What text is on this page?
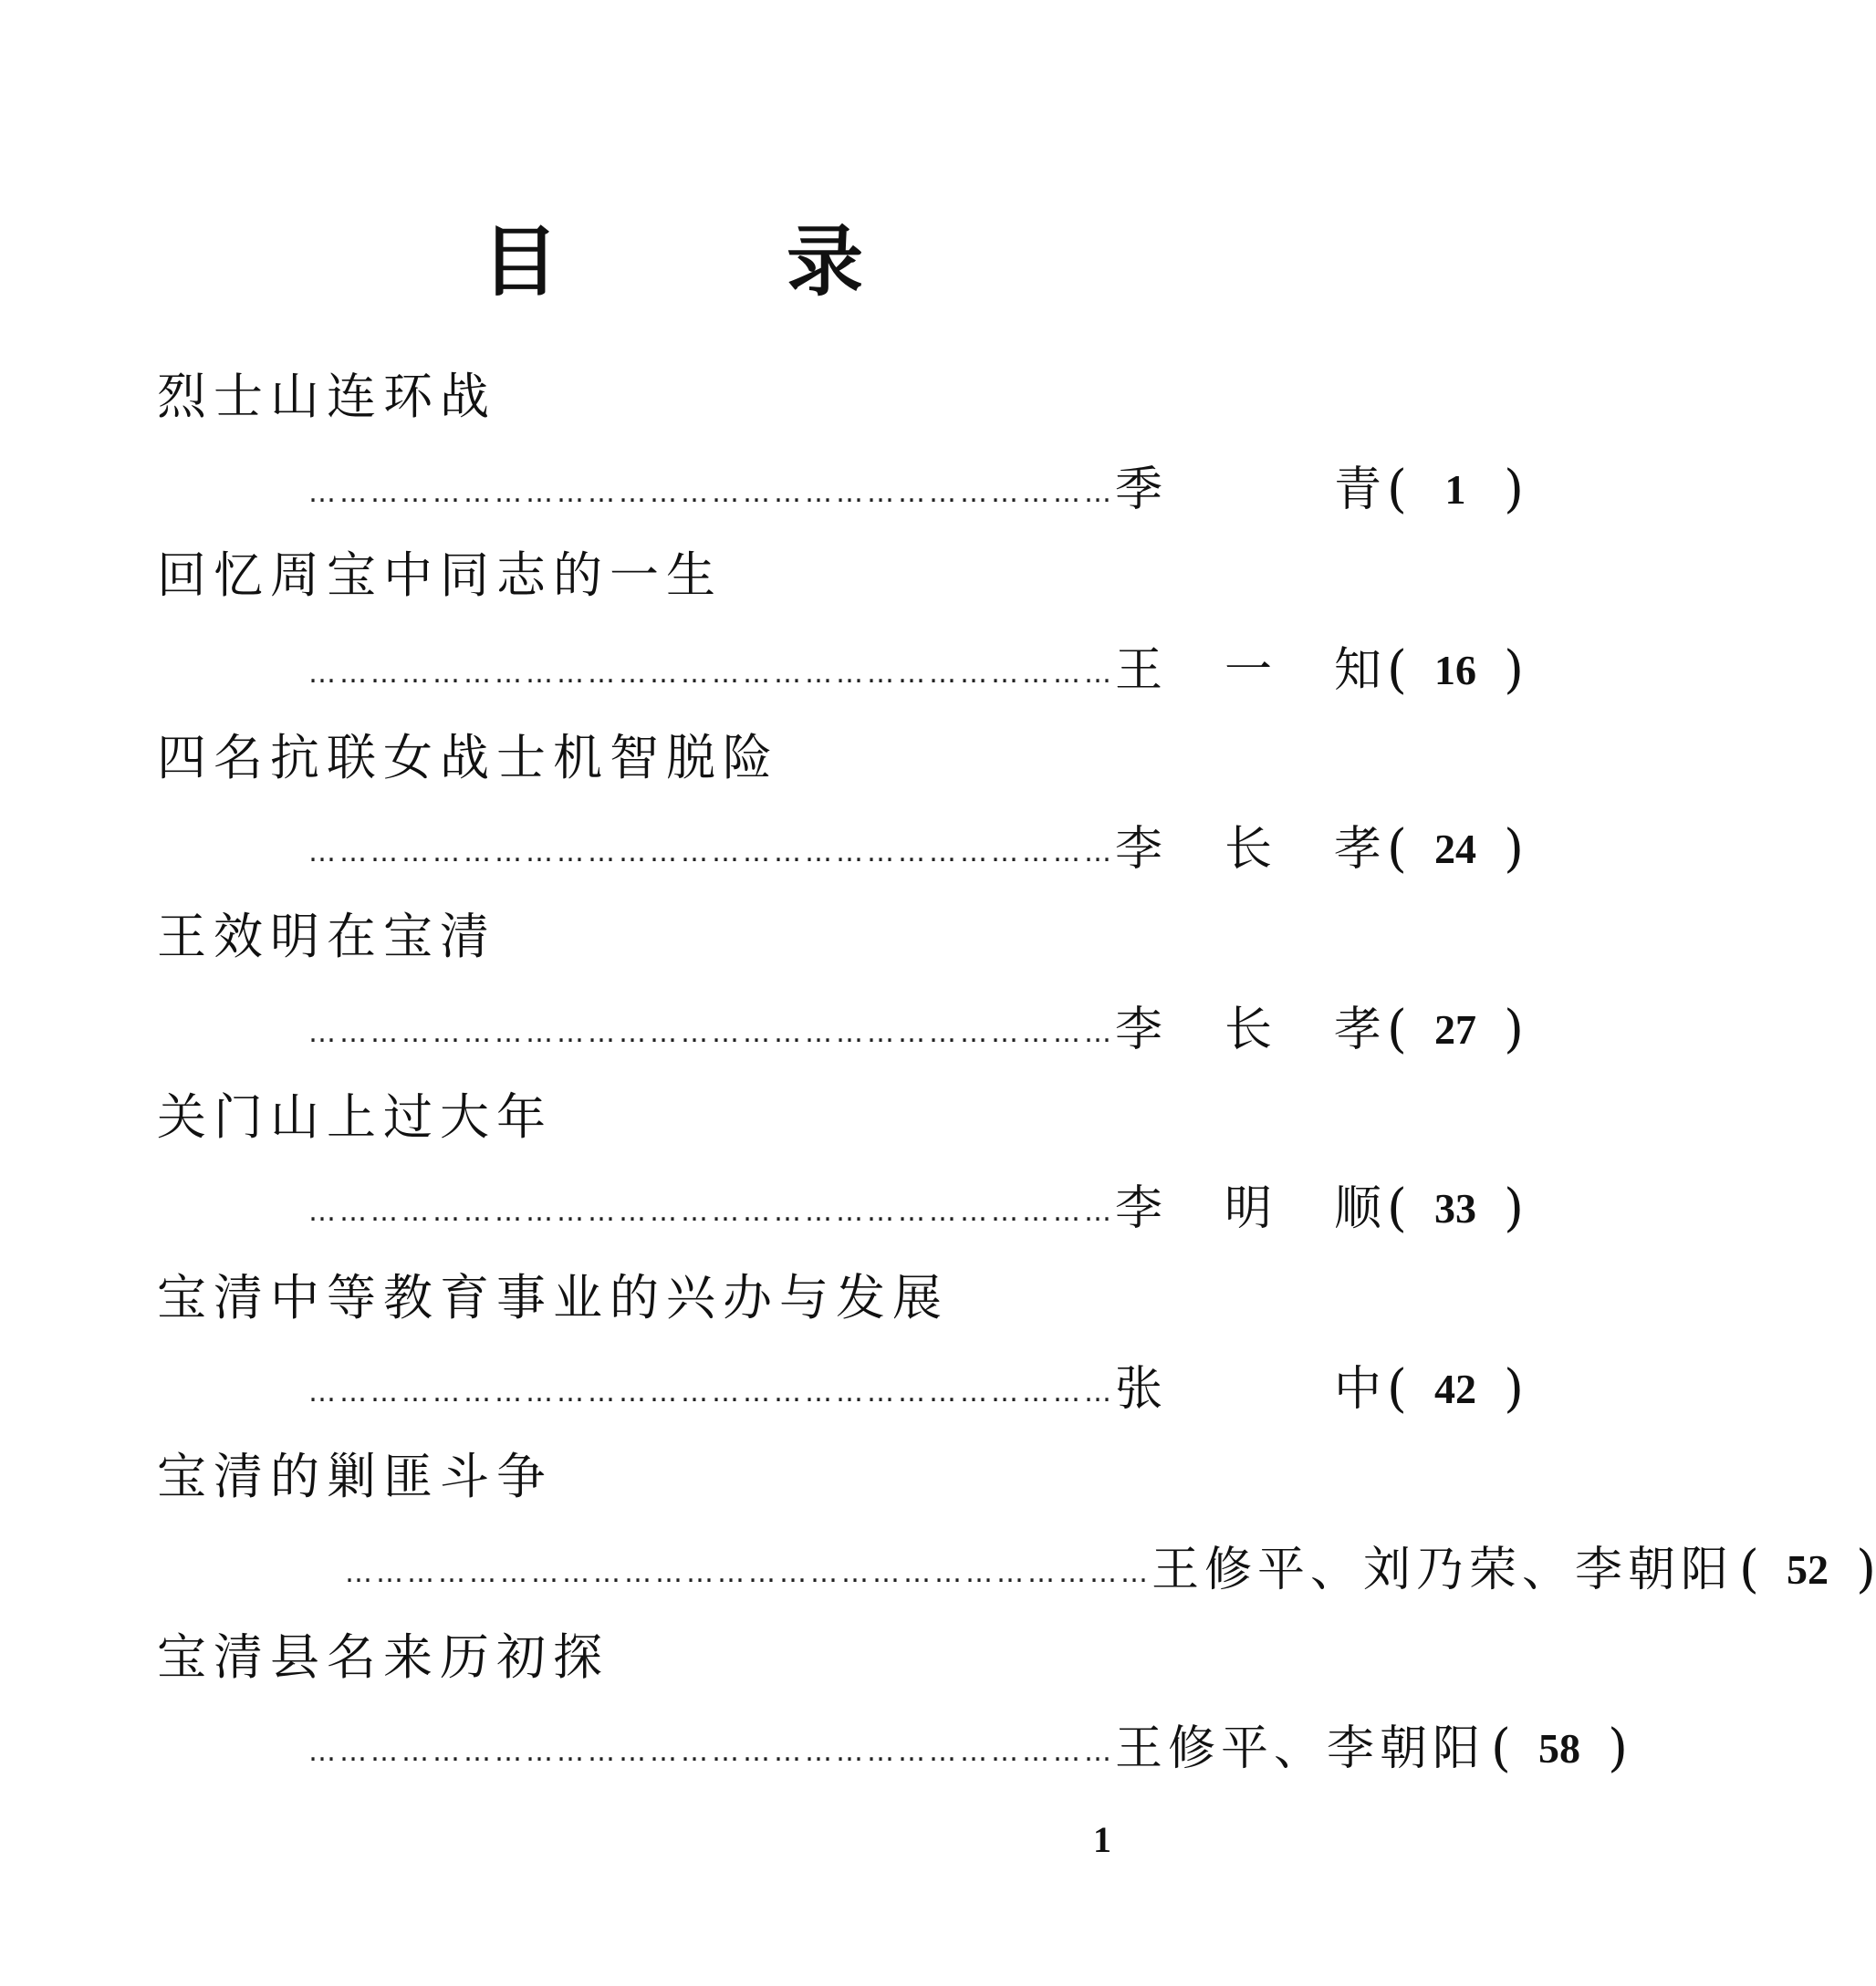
目	录
烈士山连环战
…………………………………………………………………… 季	青 ( 1 )
回忆周宝中同志的一生
…………………………………………………………………… 王 一 知 ( 16 )
四名抗联女战士机智脱险
…………………………………………………………………… 李 长 孝 ( 24 )
王效明在宝清
…………………………………………………………………… 李 长 孝 ( 27 )
关门山上过大年
…………………………………………………………………… 李 明 顺 ( 33 )
宝清中等教育事业的兴办与发展
…………………………………………………………………… 张	中 ( 42 )
宝清的剿匪斗争
…………………………………………………………………… 王修平、刘乃荣、李朝阳 ( 52 )
宝清县名来历初探
…………………………………………………………………… 王修平、李朝阳 ( 58 )
1
